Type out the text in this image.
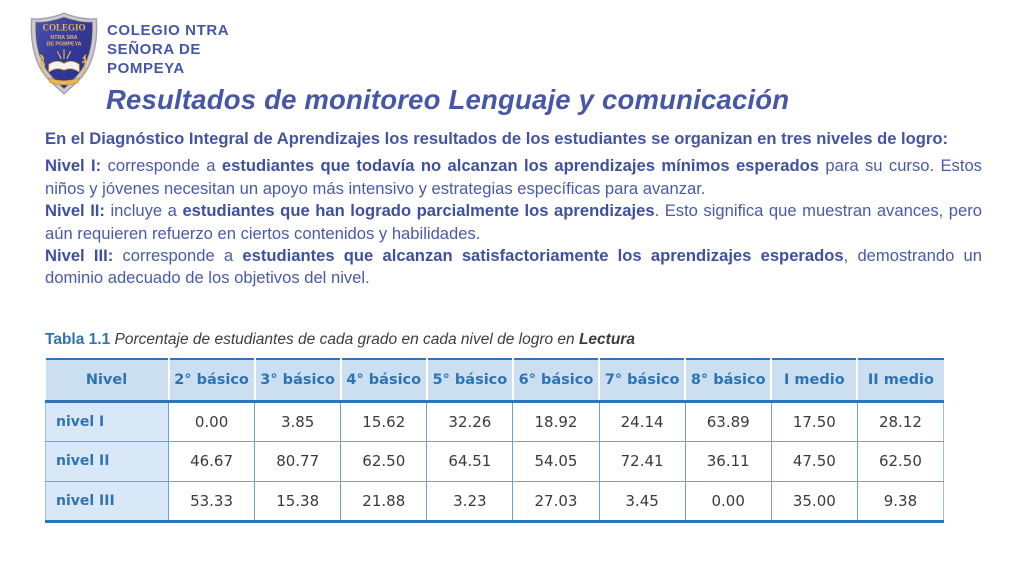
COLEGIO
NTRA SRA
DE POMPEYA
COLEGIO NTRA
SEÑORA DE
POMPEYA
Resultados de monitoreo Lenguaje y comunicación

En el Diagnóstico Integral de Aprendizajes los resultados de los estudiantes se organizan en tres niveles de logro:

Nivel I: corresponde a estudiantes que todavía no alcanzan los aprendizajes mínimos esperados para su curso. Estos niños y jóvenes necesitan un apoyo más intensivo y estrategias específicas para avanzar.

Nivel II: incluye a estudiantes que han logrado parcialmente los aprendizajes. Esto significa que muestran avances, pero aún requieren refuerzo en ciertos contenidos y habilidades.

Nivel III: corresponde a estudiantes que alcanzan satisfactoriamente los aprendizajes esperados, demostrando un dominio adecuado de los objetivos del nivel.

Tabla 1.1 Porcentaje de estudiantes de cada grado en cada nivel de logro en Lectura
Nivel	2° básico	3° básico	4° básico	5° básico	6° básico	7° básico	8° básico	I medio	II medio
nivel I	0.00	3.85	15.62	32.26	18.92	24.14	63.89	17.50	28.12
nivel II	46.67	80.77	62.50	64.51	54.05	72.41	36.11	47.50	62.50
nivel III	53.33	15.38	21.88	3.23	27.03	3.45	0.00	35.00	9.38
